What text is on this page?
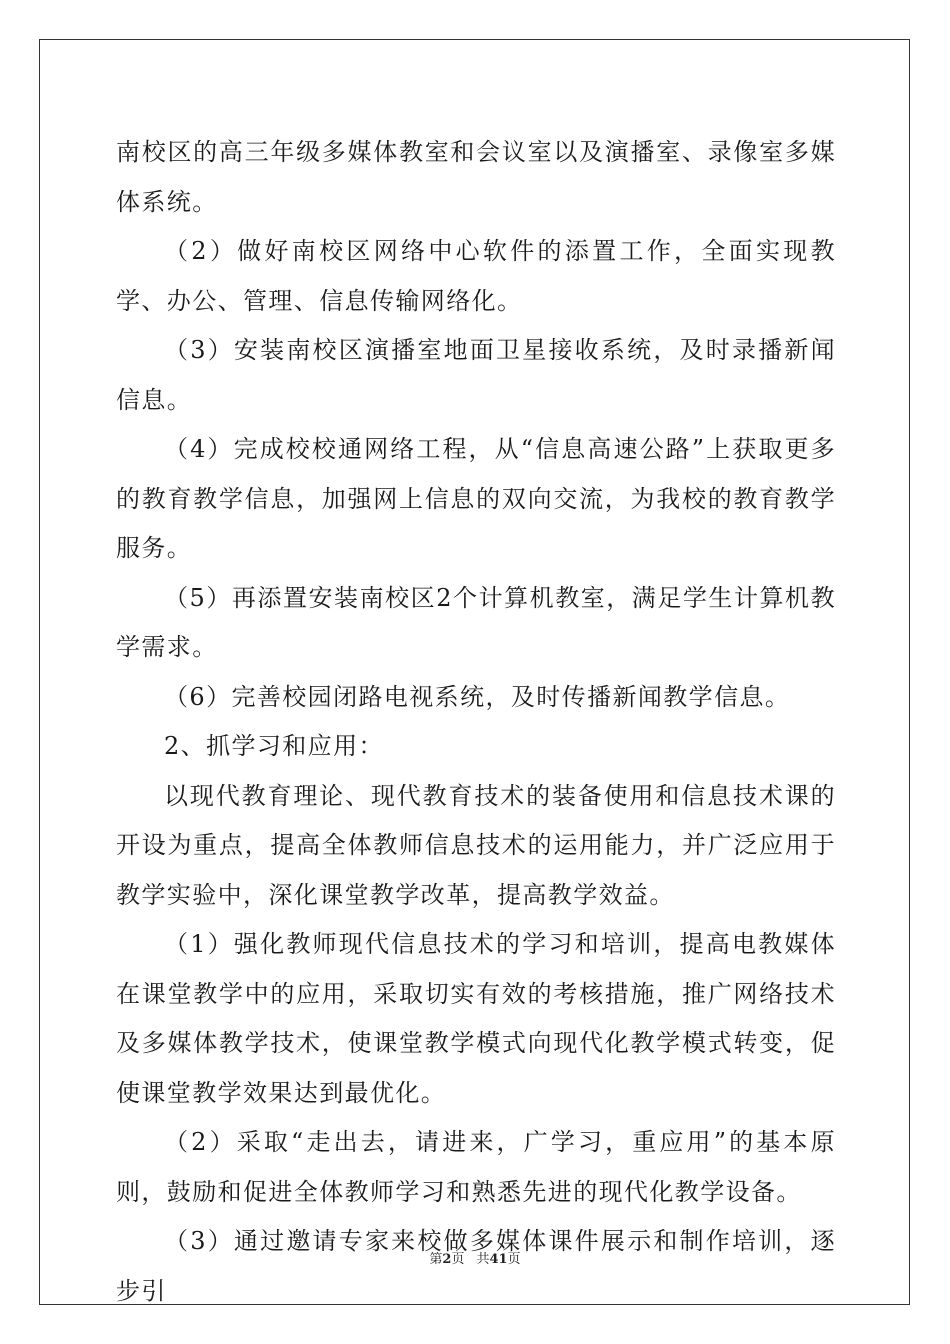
南校区的高三年级多媒体教室和会议室以及演播室、录像室多媒体系统。

（2）做好南校区网络中心软件的添置工作，全面实现教学、办公、管理、信息传输网络化。

（3）安装南校区演播室地面卫星接收系统，及时录播新闻信息。

（4）完成校校通网络工程，从“信息高速公路”上获取更多的教育教学信息，加强网上信息的双向交流，为我校的教育教学服务。

（5）再添置安装南校区2个计算机教室，满足学生计算机教学需求。

（6）完善校园闭路电视系统，及时传播新闻教学信息。

2、抓学习和应用：

以现代教育理论、现代教育技术的装备使用和信息技术课的开设为重点，提高全体教师信息技术的运用能力，并广泛应用于教学实验中，深化课堂教学改革，提高教学效益。

（1）强化教师现代信息技术的学习和培训，提高电教媒体在课堂教学中的应用，采取切实有效的考核措施，推广网络技术及多媒体教学技术，使课堂教学模式向现代化教学模式转变，促使课堂教学效果达到最优化。

（2）采取“走出去，请进来，广学习，重应用”的基本原则，鼓励和促进全体教师学习和熟悉先进的现代化教学设备。

（3）通过邀请专家来校做多媒体课件展示和制作培训，逐步引

第2页 共41页
